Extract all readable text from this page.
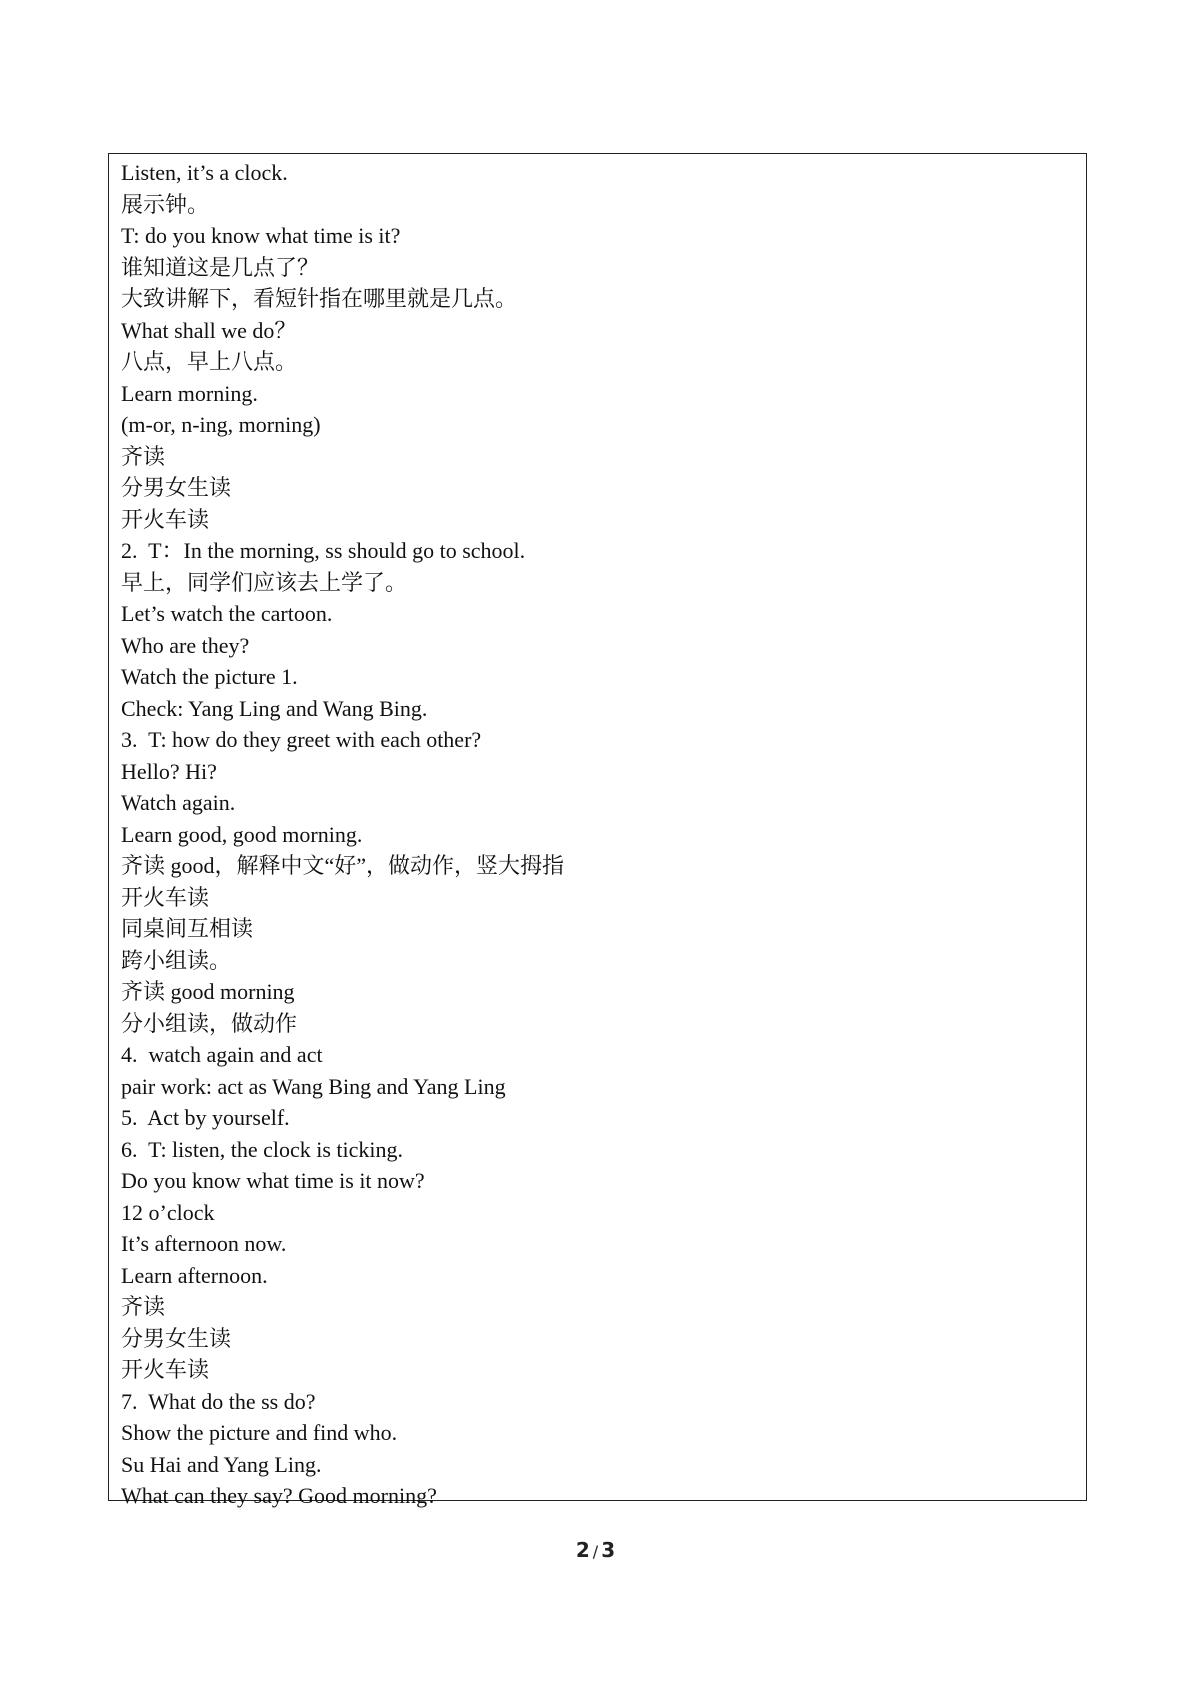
Listen, it’s a clock.
展示钟。
T: do you know what time is it?
谁知道这是几点了？
大致讲解下，看短针指在哪里就是几点。
What shall we do？
八点，早上八点。
Learn morning.
(m-or, n-ing, morning)
齐读
分男女生读
开火车读
2.  T：In the morning, ss should go to school.
早上，同学们应该去上学了。
Let’s watch the cartoon.
Who are they?
Watch the picture 1.
Check: Yang Ling and Wang Bing.
3.  T: how do they greet with each other?
Hello? Hi?
Watch again.
Learn good, good morning.
齐读 good，解释中文“好”，做动作，竖大拇指
开火车读
同桌间互相读
跨小组读。
齐读 good morning
分小组读，做动作
4.  watch again and act
pair work: act as Wang Bing and Yang Ling
5.  Act by yourself.
6.  T: listen, the clock is ticking.
Do you know what time is it now?
12 o’clock
It’s afternoon now.
Learn afternoon.
齐读
分男女生读
开火车读
7.  What do the ss do?
Show the picture and find who.
Su Hai and Yang Ling.
What can they say? Good morning?
2 / 3
